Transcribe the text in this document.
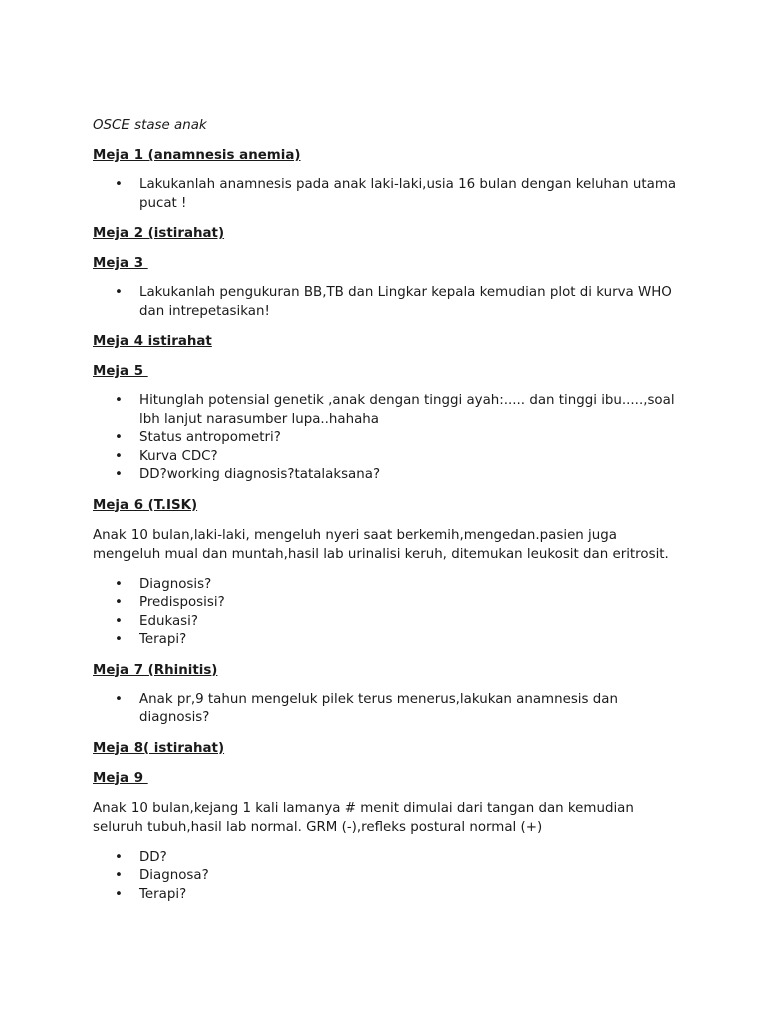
OSCE stase anak
Meja 1 (anamnesis anemia)
• Lakukanlah anamnesis pada anak laki-laki,usia 16 bulan dengan keluhan utama pucat !
Meja 2 (istirahat)
Meja 3
• Lakukanlah pengukuran BB,TB dan Lingkar kepala kemudian plot di kurva WHO dan intrepetasikan!
Meja 4 istirahat
Meja 5
• Hitunglah potensial genetik ,anak dengan tinggi ayah:..... dan tinggi ibu.....,soal lbh lanjut narasumber lupa..hahaha
• Status antropometri?
• Kurva CDC?
• DD?working diagnosis?tatalaksana?
Meja 6 (T.ISK)
Anak 10 bulan,laki-laki, mengeluh nyeri saat berkemih,mengedan.pasien juga mengeluh mual dan muntah,hasil lab urinalisi keruh, ditemukan leukosit dan eritrosit.
• Diagnosis?
• Predisposisi?
• Edukasi?
• Terapi?
Meja 7 (Rhinitis)
• Anak pr,9 tahun mengeluk pilek terus menerus,lakukan anamnesis dan diagnosis?
Meja 8( istirahat)
Meja 9
Anak 10 bulan,kejang 1 kali lamanya # menit dimulai dari tangan dan kemudian seluruh tubuh,hasil lab normal. GRM (-),refleks postural normal (+)
• DD?
• Diagnosa?
• Terapi?
